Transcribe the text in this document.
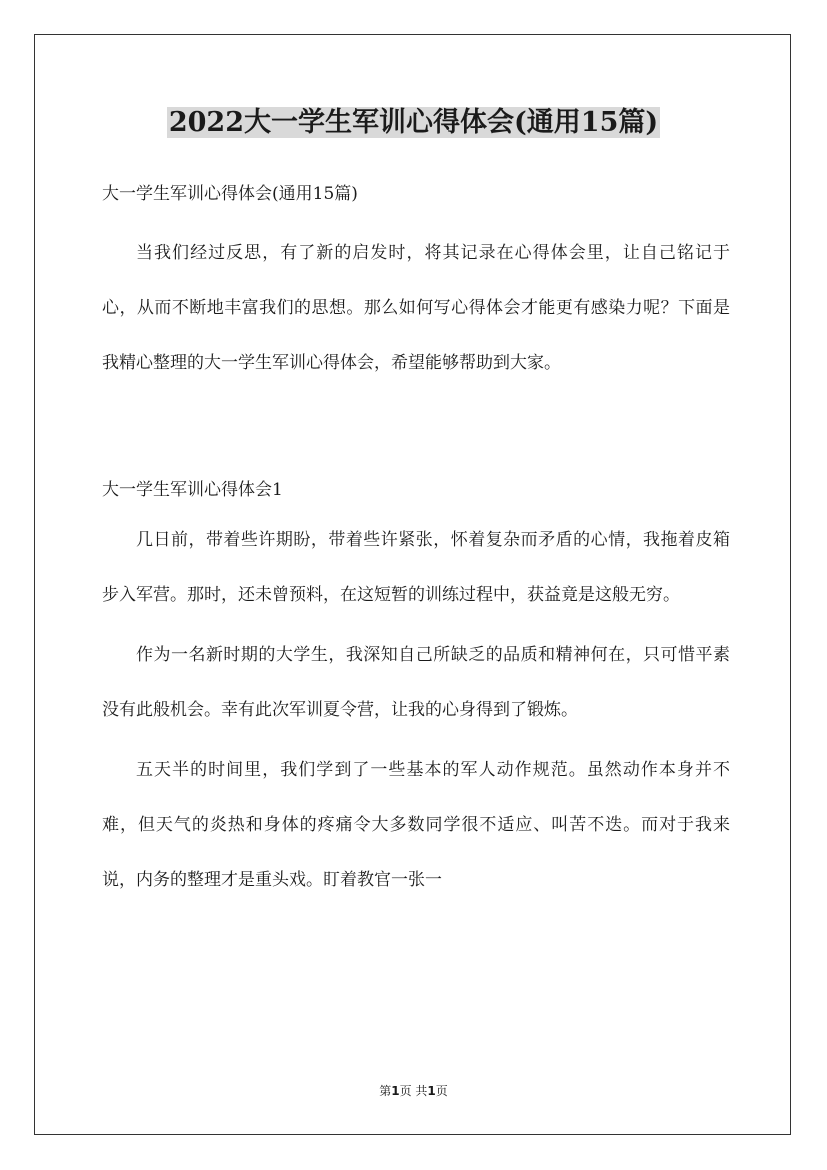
2022大一学生军训心得体会(通用15篇)

大一学生军训心得体会(通用15篇)

当我们经过反思，有了新的启发时，将其记录在心得体会里，让自己铭记于心，从而不断地丰富我们的思想。那么如何写心得体会才能更有感染力呢？下面是我精心整理的大一学生军训心得体会，希望能够帮助到大家。

大一学生军训心得体会1

几日前，带着些许期盼，带着些许紧张，怀着复杂而矛盾的心情，我拖着皮箱步入军营。那时，还未曾预料，在这短暂的训练过程中，获益竟是这般无穷。

作为一名新时期的大学生，我深知自己所缺乏的品质和精神何在，只可惜平素没有此般机会。幸有此次军训夏令营，让我的心身得到了锻炼。

五天半的时间里，我们学到了一些基本的军人动作规范。虽然动作本身并不难，但天气的炎热和身体的疼痛令大多数同学很不适应、叫苦不迭。而对于我来说，内务的整理才是重头戏。盯着教官一张一

第1页 共1页
